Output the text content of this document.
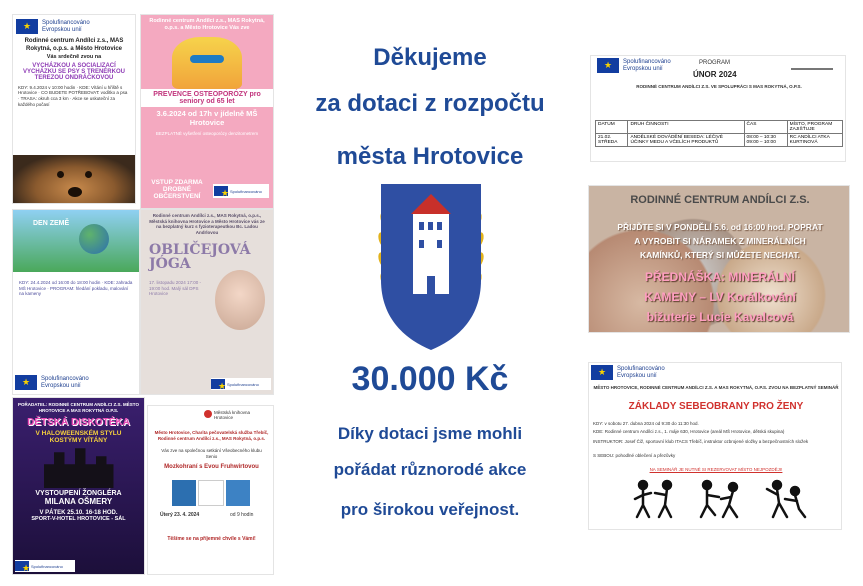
★
Spolufinancováno
Evropskou unií
Rodinné centrum Andílci z.s., MAS Rokytná, o.p.s. a Město Hrotovice
Vás srdečně zvou na
VYCHÁZKOU A SOCIALIZACÍ VYCHÁZKU SE PSY S TRENÉRKOU TEREZOU ONDRÁČKOVOU
KDY: 9.4.2024 v 10:00 hodin · KDE: Vítání u hřiště s Hrotovice · CO BUDETE POTŘEBOVAT: vodítko a psa · TRASA: okruh cca 3 km · Akce se uskuteční za každého počasí
Rodinné centrum Andílci z.s., MAS Rokytná, o.p.s. a Město Hrotovice Vás zve
PREVENCE OSTEOPORÓZY pro seniory od 65 let
3.6.2024 od 17h v jídelně MŠ Hrotovice
BEZPLATNÉ vyšetření osteoporózy denzitometrem
VSTUP ZDARMA DROBNÉ OBČERSTVENÍ
★
Spolufinancováno
DEN ZEMĚ
KDY: 24.4.2024 od 16:00 do 18:00 hodin · KDE: zahrada MŠ Hrotovice · PROGRAM: hledání pokladu, malování na kameny
★
Spolufinancováno
Evropskou unií
Rodinné centrum Andílci z.s., MAS Rokytná, o.p.s., Městská knihovna Hrotovice a Město Hrotovice vás ze na bezplatný kurz s fyzioterapeutkou Bc. Ladou Andrlovou
OBLIČEJOVÁ JÓGA
17. listopadu 2024 17:00 - 19:00 hod. Malý sál DPS Hrotovice
★
Spolufinancováno
POŘADATEL: RODINNÉ CENTRUM ANDÍLCI Z.S. MĚSTO HROTOVICE A MAS ROKYTNÁ O.P.S.
DĚTSKÁ DISKOTÉKA
V HALOWEENSKÉM STYLU KOSTÝMY VÍTÁNY
VYSTOUPENÍ ŽONGLÉRA
MILANA OŠMERY
V PÁTEK 25.10. 16-18 HOD.
SPORT-V-HOTEL HROTOVICE - SÁL
★
Spolufinancováno
Městská knihovna Hrotovice
Město Hrotovice, Charita pečovatelská služba Třebíč, Rodinné centrum Andílci z.s., MAS Rokytná, o.p.s.
Vás zve na společnou setkání Všeobecného klubu Senio
Mozkohraní s Evou Fruhwirtovou
Úterý 23. 4. 2024	od 9 hodin
Těšíme se na příjemné chvíle s Vámi!
Děkujeme
za dotaci z rozpočtu
města Hrotovice
30.000 Kč
Díky dotaci jsme mohli
pořádat různorodé akce
pro širokou veřejnost.
★
Spolufinancováno
Evropskou unií
PROGRAM
ÚNOR 2024
RODINNÉ CENTRUM ANDÍLCI Z.S. VE SPOLUPRÁCI S MAS ROKYTNÁ, O.P.S.
DATUM	DRUH ČINNOSTI	ČAS	MÍSTO, PROGRAM ZAJIŠŤUJE
21.02. STŘEDA	ANDĚLSKÉ DOVÁDĚNÍ BESEDA: LÉČIVÉ ÚČINKY MEDU A VČELÍCH PRODUKTŮ	08:00 – 10:30 09:00 – 10:00	RC ANDÍLCI ATKA KURTINOVÁ
RODINNÉ CENTRUM ANDÍLCI Z.S.
PŘIJĎTE SI V PONDĚLÍ 5.6. od 16:00 hod. POPRAT
A VYROBIT SI NÁRAMEK Z MINERÁLNÍCH
KAMÍNKŮ, KTERÝ SI MŮŽETE NECHAT.
PŘEDNÁŠKA: MINERÁLNÍ
KAMENY – LV Korálkování
bižuterie Lucie Kavalcová
★
Spolufinancováno
Evropskou unií
MĚSTO HROTOVICE, RODINNÉ CENTRUM ANDÍLCI Z.S. A MAS ROKYTNÁ, O.P.S. ZVOU NA BEZPLATNÝ SEMINÁŘ
ZÁKLADY SEBEOBRANY PRO ŽENY
KDY: v sobotu 27. dubna 2024 od 9:30 do 11:30 hod.
KDE: Rodinné centrum Andílci z.s., 1. máje 630, Hrotovice (areál MŠ Hrotovice, dětská skupina)
INSTRUKTOR: Josef Čiž, sportovní klub ITACS Třebíč, instruktor ozbrojené složky a bezpečnostních složek
S SEBOU: pohodlné oblečení a přezůvky
NA SEMINÁŘ JE NUTNÉ SI REZERVOVAT MÍSTO NEJPOZDĚJI!
